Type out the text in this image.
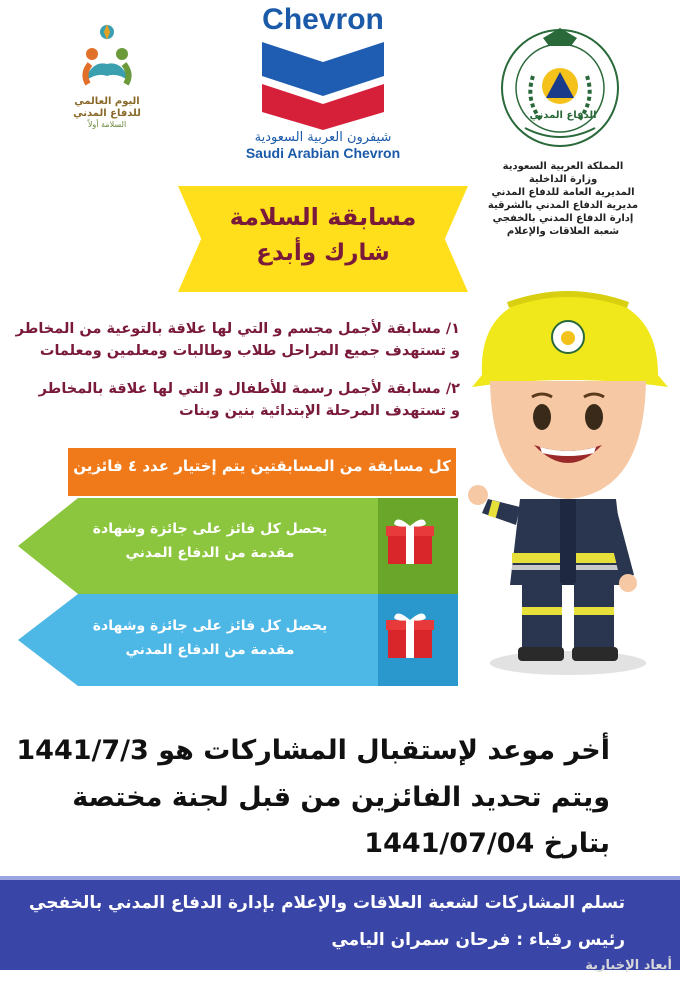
اليوم العالمي
للدفاع المدني
السلامة أولاً
Chevron
شيفرون العربية السعودية
Saudi Arabian Chevron
الدفاع المدني
المملكة العربية السعودية
وزارة الداخلية
المديرية العامة للدفاع المدني
مديرية الدفاع المدني بالشرقية
إدارة الدفاع المدني بالخفجي
شعبة العلاقات والإعلام
مسابقة السلامة
شارك وأبدع
١/ مسابقة لأجمل مجسم و التي لها علاقة بالتوعية من المخاطر
و تستهدف جميع المراحل طلاب وطالبات ومعلمين ومعلمات
٢/ مسابقة لأجمل رسمة للأطفال و التي لها علاقة بالمخاطر
و تستهدف المرحلة الإبتدائية بنين وبنات
كل مسابقة من المسابقتين يتم إختيار عدد ٤ فائزين
يحصل كل فائز على جائزة وشهادة
مقدمة من الدفاع المدني
يحصل كل فائز على جائزة وشهادة
مقدمة من الدفاع المدني
أخر موعد لإستقبال المشاركات هو 1441/7/3
ويتم تحديد الفائزين من قبل لجنة مختصة
بتارخ 1441/07/04
تسلم المشاركات لشعبة العلاقات والإعلام بإدارة الدفاع المدني بالخفجي
رئيس رقباء : فرحان سمران اليامي
أبعاد الإخبارية
